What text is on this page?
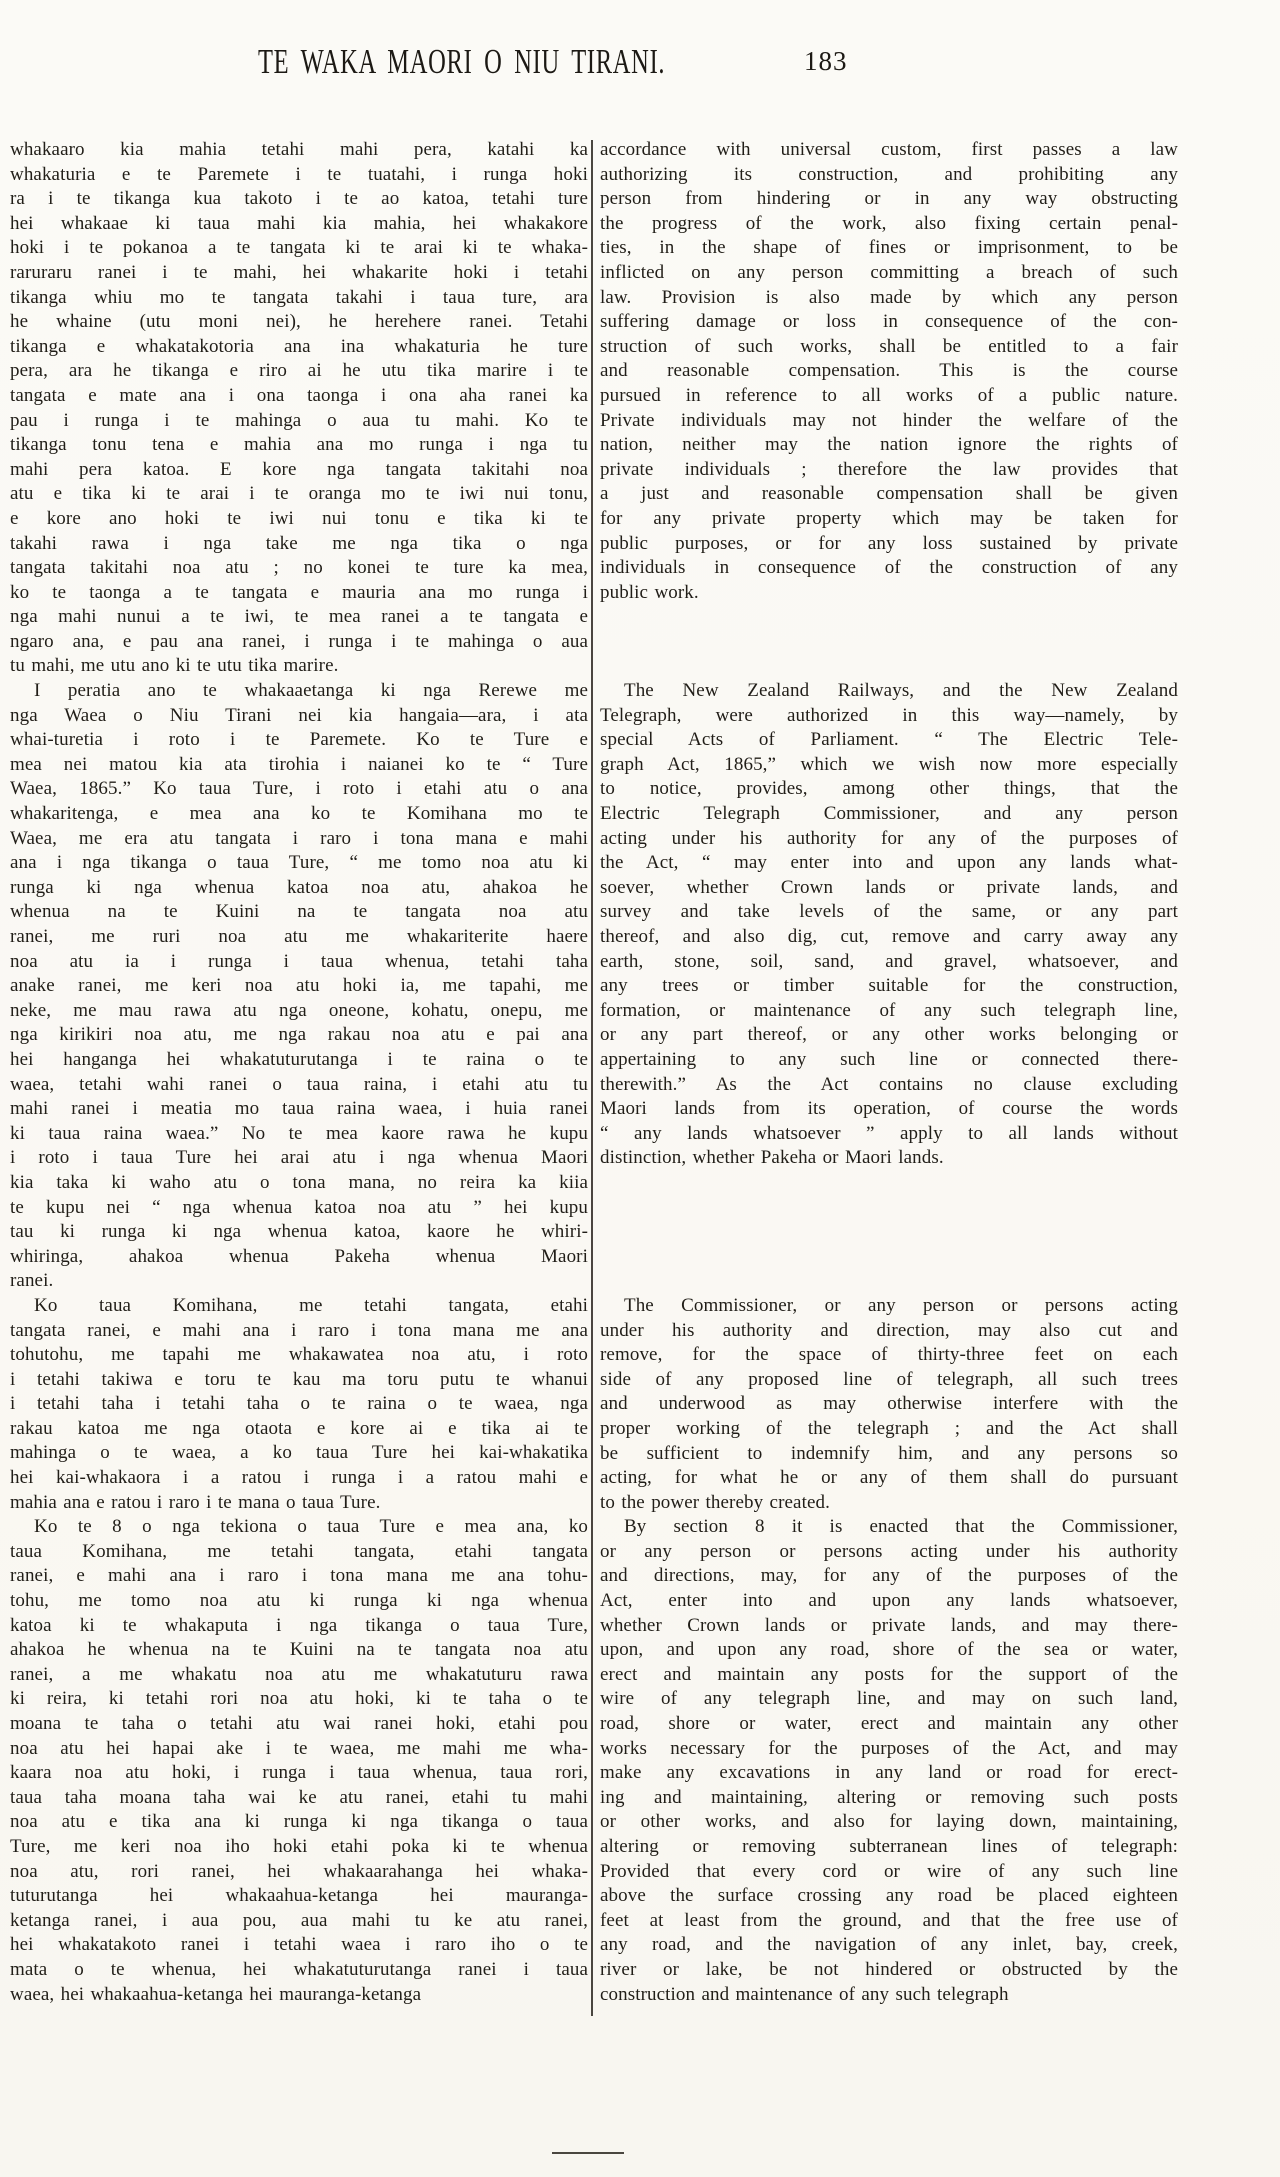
TE WAKA MAORI O NIU TIRANI.	183
whakaaro kia mahia tetahi mahi pera, katahi ka
whakaturia e te Paremete i te tuatahi, i runga hoki
ra i te tikanga kua takoto i te ao katoa, tetahi ture
hei whakaae ki taua mahi kia mahia, hei whakakore
hoki i te pokanoa a te tangata ki te arai ki te whaka-
raruraru ranei i te mahi, hei whakarite hoki i tetahi
tikanga whiu mo te tangata takahi i taua ture, ara
he whaine (utu moni nei), he herehere ranei. Tetahi
tikanga e whakatakotoria ana ina whakaturia he ture
pera, ara he tikanga e riro ai he utu tika marire i te
tangata e mate ana i ona taonga i ona aha ranei ka
pau i runga i te mahinga o aua tu mahi. Ko te
tikanga tonu tena e mahia ana mo runga i nga tu
mahi pera katoa. E kore nga tangata takitahi noa
atu e tika ki te arai i te oranga mo te iwi nui tonu,
e kore ano hoki te iwi nui tonu e tika ki te
takahi rawa i nga take me nga tika o nga
tangata takitahi noa atu ; no konei te ture ka mea,
ko te taonga a te tangata e mauria ana mo runga i
nga mahi nunui a te iwi, te mea ranei a te tangata e
ngaro ana, e pau ana ranei, i runga i te mahinga o aua
tu mahi, me utu ano ki te utu tika marire.
I peratia ano te whakaaetanga ki nga Rerewe me
nga Waea o Niu Tirani nei kia hangaia—ara, i ata
whai-turetia i roto i te Paremete. Ko te Ture e
mea nei matou kia ata tirohia i naianei ko te “ Ture
Waea, 1865.” Ko taua Ture, i roto i etahi atu o ana
whakaritenga, e mea ana ko te Komihana mo te
Waea, me era atu tangata i raro i tona mana e mahi
ana i nga tikanga o taua Ture, “ me tomo noa atu ki
runga ki nga whenua katoa noa atu, ahakoa he
whenua na te Kuini na te tangata noa atu
ranei, me ruri noa atu me whakariterite haere
noa atu ia i runga i taua whenua, tetahi taha
anake ranei, me keri noa atu hoki ia, me tapahi, me
neke, me mau rawa atu nga oneone, kohatu, onepu, me
nga kirikiri noa atu, me nga rakau noa atu e pai ana
hei hanganga hei whakatuturutanga i te raina o te
waea, tetahi wahi ranei o taua raina, i etahi atu tu
mahi ranei i meatia mo taua raina waea, i huia ranei
ki taua raina waea.” No te mea kaore rawa he kupu
i roto i taua Ture hei arai atu i nga whenua Maori
kia taka ki waho atu o tona mana, no reira ka kiia
te kupu nei “ nga whenua katoa noa atu ” hei kupu
tau ki runga ki nga whenua katoa, kaore he whiri-
whiringa, ahakoa whenua Pakeha whenua Maori
ranei.
Ko taua Komihana, me tetahi tangata, etahi
tangata ranei, e mahi ana i raro i tona mana me ana
tohutohu, me tapahi me whakawatea noa atu, i roto
i tetahi takiwa e toru te kau ma toru putu te whanui
i tetahi taha i tetahi taha o te raina o te waea, nga
rakau katoa me nga otaota e kore ai e tika ai te
mahinga o te waea, a ko taua Ture hei kai-whakatika
hei kai-whakaora i a ratou i runga i a ratou mahi e
mahia ana e ratou i raro i te mana o taua Ture.
Ko te 8 o nga tekiona o taua Ture e mea ana, ko
taua Komihana, me tetahi tangata, etahi tangata
ranei, e mahi ana i raro i tona mana me ana tohu-
tohu, me tomo noa atu ki runga ki nga whenua
katoa ki te whakaputa i nga tikanga o taua Ture,
ahakoa he whenua na te Kuini na te tangata noa atu
ranei, a me whakatu noa atu me whakatuturu rawa
ki reira, ki tetahi rori noa atu hoki, ki te taha o te
moana te taha o tetahi atu wai ranei hoki, etahi pou
noa atu hei hapai ake i te waea, me mahi me wha-
kaara noa atu hoki, i runga i taua whenua, taua rori,
taua taha moana taha wai ke atu ranei, etahi tu mahi
noa atu e tika ana ki runga ki nga tikanga o taua
Ture, me keri noa iho hoki etahi poka ki te whenua
noa atu, rori ranei, hei whakaarahanga hei whaka-
tuturutanga hei whakaahua-ketanga hei mauranga-
ketanga ranei, i aua pou, aua mahi tu ke atu ranei,
hei whakatakoto ranei i tetahi waea i raro iho o te
mata o te whenua, hei whakatuturutanga ranei i taua
waea, hei whakaahua-ketanga hei mauranga-ketanga
accordance with universal custom, first passes a law
authorizing its construction, and prohibiting any
person from hindering or in any way obstructing
the progress of the work, also fixing certain penal-
ties, in the shape of fines or imprisonment, to be
inflicted on any person committing a breach of such
law. Provision is also made by which any person
suffering damage or loss in consequence of the con-
struction of such works, shall be entitled to a fair
and reasonable compensation. This is the course
pursued in reference to all works of a public nature.
Private individuals may not hinder the welfare of the
nation, neither may the nation ignore the rights of
private individuals ; therefore the law provides that
a just and reasonable compensation shall be given
for any private property which may be taken for
public purposes, or for any loss sustained by private
individuals in consequence of the construction of any
public work.
The New Zealand Railways, and the New Zealand
Telegraph, were authorized in this way—namely, by
special Acts of Parliament. “ The Electric Tele-
graph Act, 1865,” which we wish now more especially
to notice, provides, among other things, that the
Electric Telegraph Commissioner, and any person
acting under his authority for any of the purposes of
the Act, “ may enter into and upon any lands what-
soever, whether Crown lands or private lands, and
survey and take levels of the same, or any part
thereof, and also dig, cut, remove and carry away any
earth, stone, soil, sand, and gravel, whatsoever, and
any trees or timber suitable for the construction,
formation, or maintenance of any such telegraph line,
or any part thereof, or any other works belonging or
appertaining to any such line or connected there-
therewith.” As the Act contains no clause excluding
Maori lands from its operation, of course the words
“ any lands whatsoever ” apply to all lands without
distinction, whether Pakeha or Maori lands.
The Commissioner, or any person or persons acting
under his authority and direction, may also cut and
remove, for the space of thirty-three feet on each
side of any proposed line of telegraph, all such trees
and underwood as may otherwise interfere with the
proper working of the telegraph ; and the Act shall
be sufficient to indemnify him, and any persons so
acting, for what he or any of them shall do pursuant
to the power thereby created.
By section 8 it is enacted that the Commissioner,
or any person or persons acting under his authority
and directions, may, for any of the purposes of the
Act, enter into and upon any lands whatsoever,
whether Crown lands or private lands, and may there-
upon, and upon any road, shore of the sea or water,
erect and maintain any posts for the support of the
wire of any telegraph line, and may on such land,
road, shore or water, erect and maintain any other
works necessary for the purposes of the Act, and may
make any excavations in any land or road for erect-
ing and maintaining, altering or removing such posts
or other works, and also for laying down, maintaining,
altering or removing subterranean lines of telegraph:
Provided that every cord or wire of any such line
above the surface crossing any road be placed eighteen
feet at least from the ground, and that the free use of
any road, and the navigation of any inlet, bay, creek,
river or lake, be not hindered or obstructed by the
construction and maintenance of any such telegraph
